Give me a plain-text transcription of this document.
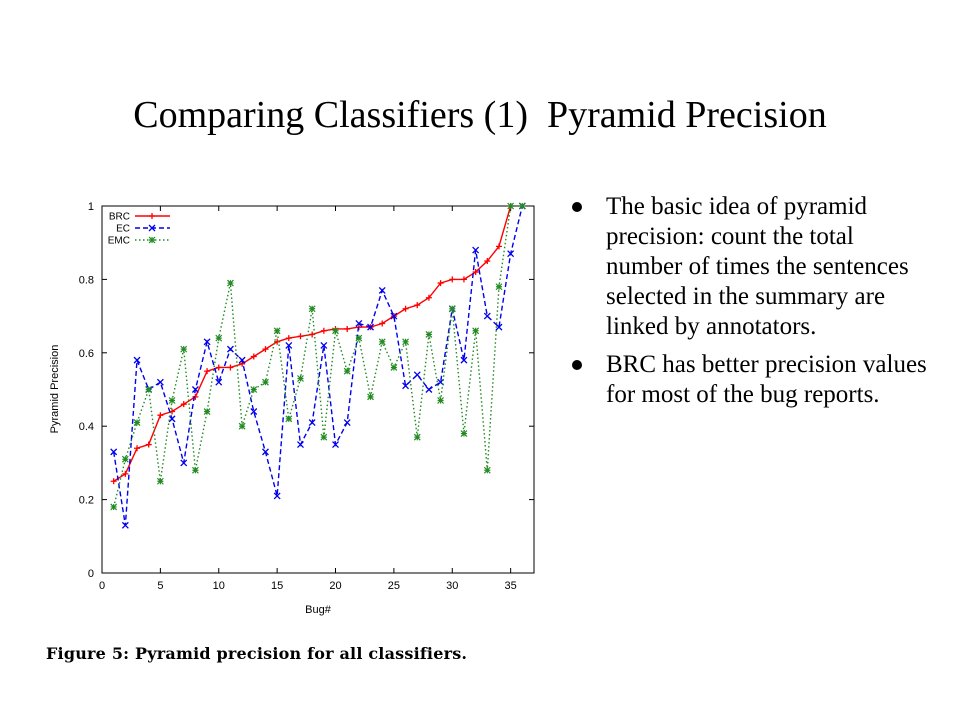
Comparing Classifiers (1)  Pyramid Precision
0	5	10	15	20	25	30	35
0
0.2
0.4
0.6
0.8
1
BRC
EC
EMC
Bug#
Pyramid Precision
Figure 5: Pyramid precision for all classifiers.
The basic idea of pyramid precision: count the total number of times the sentences selected in the summary are linked by annotators.
BRC has better precision values for most of the bug reports.
